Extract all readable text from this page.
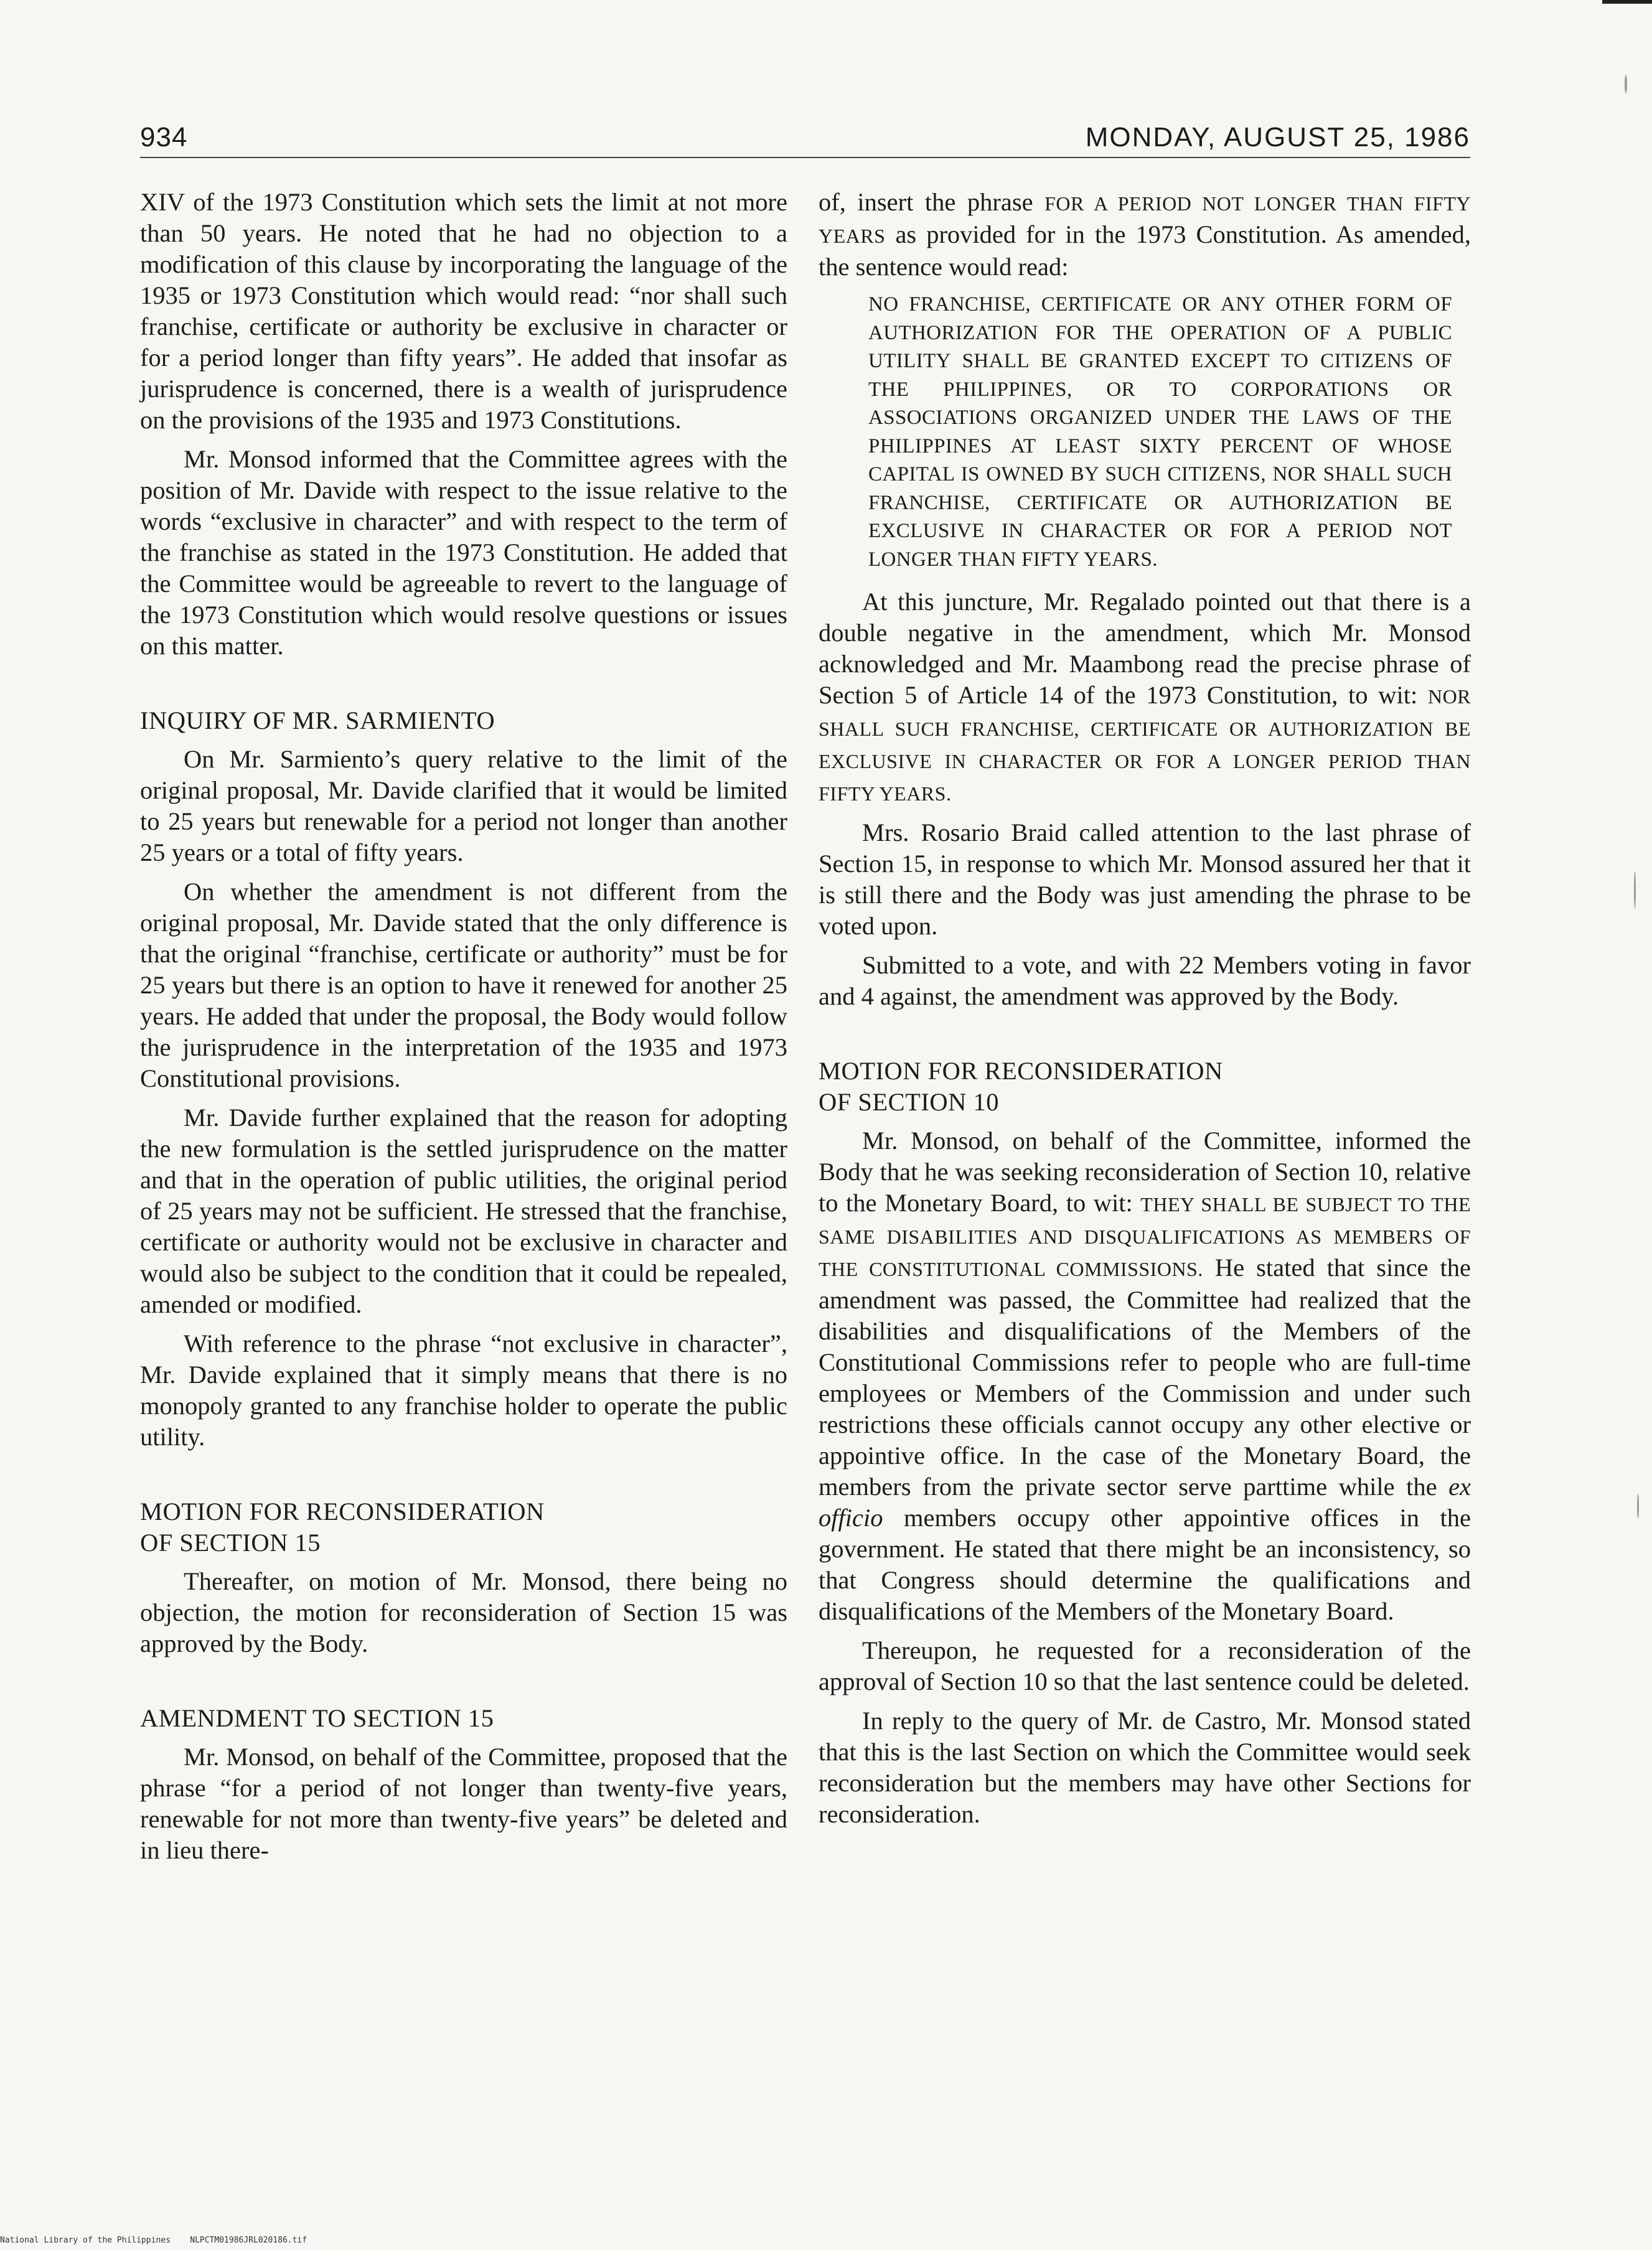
934	MONDAY, AUGUST 25, 1986

XIV of the 1973 Constitution which sets the limit at not more than 50 years. He noted that he had no objection to a modification of this clause by incorporating the language of the 1935 or 1973 Constitution which would read: “nor shall such franchise, certificate or authority be exclusive in character or for a period longer than fifty years”. He added that insofar as jurisprudence is concerned, there is a wealth of jurisprudence on the provisions of the 1935 and 1973 Constitutions.

Mr. Monsod informed that the Committee agrees with the position of Mr. Davide with respect to the issue relative to the words “exclusive in character” and with respect to the term of the franchise as stated in the 1973 Constitution. He added that the Committee would be agreeable to revert to the language of the 1973 Constitution which would resolve questions or issues on this matter.

INQUIRY OF MR. SARMIENTO

On Mr. Sarmiento’s query relative to the limit of the original proposal, Mr. Davide clarified that it would be limited to 25 years but renewable for a period not longer than another 25 years or a total of fifty years.

On whether the amendment is not different from the original proposal, Mr. Davide stated that the only difference is that the original “franchise, certificate or authority” must be for 25 years but there is an option to have it renewed for another 25 years. He added that under the proposal, the Body would follow the jurisprudence in the interpretation of the 1935 and 1973 Constitutional provisions.

Mr. Davide further explained that the reason for adopting the new formulation is the settled jurisprudence on the matter and that in the operation of public utilities, the original period of 25 years may not be sufficient. He stressed that the franchise, certificate or authority would not be exclusive in character and would also be subject to the condition that it could be repealed, amended or modified.

With reference to the phrase “not exclusive in character”, Mr. Davide explained that it simply means that there is no monopoly granted to any franchise holder to operate the public utility.

MOTION FOR RECONSIDERATION
OF SECTION 15

Thereafter, on motion of Mr. Monsod, there being no objection, the motion for reconsideration of Section 15 was approved by the Body.

AMENDMENT TO SECTION 15

Mr. Monsod, on behalf of the Committee, proposed that the phrase “for a period of not longer than twenty-five years, renewable for not more than twenty-five years” be deleted and in lieu there-

of, insert the phrase FOR A PERIOD NOT LONGER THAN FIFTY YEARS as provided for in the 1973 Constitution. As amended, the sentence would read:

NO FRANCHISE, CERTIFICATE OR ANY OTHER FORM OF AUTHORIZATION FOR THE OPERATION OF A PUBLIC UTILITY SHALL BE GRANTED EXCEPT TO CITIZENS OF THE PHILIPPINES, OR TO CORPORATIONS OR ASSOCIATIONS ORGANIZED UNDER THE LAWS OF THE PHILIPPINES AT LEAST SIXTY PERCENT OF WHOSE CAPITAL IS OWNED BY SUCH CITIZENS, NOR SHALL SUCH FRANCHISE, CERTIFICATE OR AUTHORIZATION BE EXCLUSIVE IN CHARACTER OR FOR A PERIOD NOT LONGER THAN FIFTY YEARS.

At this juncture, Mr. Regalado pointed out that there is a double negative in the amendment, which Mr. Monsod acknowledged and Mr. Maambong read the precise phrase of Section 5 of Article 14 of the 1973 Constitution, to wit: NOR SHALL SUCH FRANCHISE, CERTIFICATE OR AUTHORIZATION BE EXCLUSIVE IN CHARACTER OR FOR A LONGER PERIOD THAN FIFTY YEARS.

Mrs. Rosario Braid called attention to the last phrase of Section 15, in response to which Mr. Monsod assured her that it is still there and the Body was just amending the phrase to be voted upon.

Submitted to a vote, and with 22 Members voting in favor and 4 against, the amendment was approved by the Body.

MOTION FOR RECONSIDERATION
OF SECTION 10

Mr. Monsod, on behalf of the Committee, informed the Body that he was seeking reconsideration of Section 10, relative to the Monetary Board, to wit: THEY SHALL BE SUBJECT TO THE SAME DISABILITIES AND DISQUALIFICATIONS AS MEMBERS OF THE CONSTITUTIONAL COMMISSIONS. He stated that since the amendment was passed, the Committee had realized that the disabilities and disqualifications of the Members of the Constitutional Commissions refer to people who are full-time employees or Members of the Commission and under such restrictions these officials cannot occupy any other elective or appointive office. In the case of the Monetary Board, the members from the private sector serve parttime while the ex officio members occupy other appointive offices in the government. He stated that there might be an inconsistency, so that Congress should determine the qualifications and disqualifications of the Members of the Monetary Board.

Thereupon, he requested for a reconsideration of the approval of Section 10 so that the last sentence could be deleted.

In reply to the query of Mr. de Castro, Mr. Monsod stated that this is the last Section on which the Committee would seek reconsideration but the members may have other Sections for reconsideration.

National Library of the Philippines NLPCTM01986JRL020186.tif
